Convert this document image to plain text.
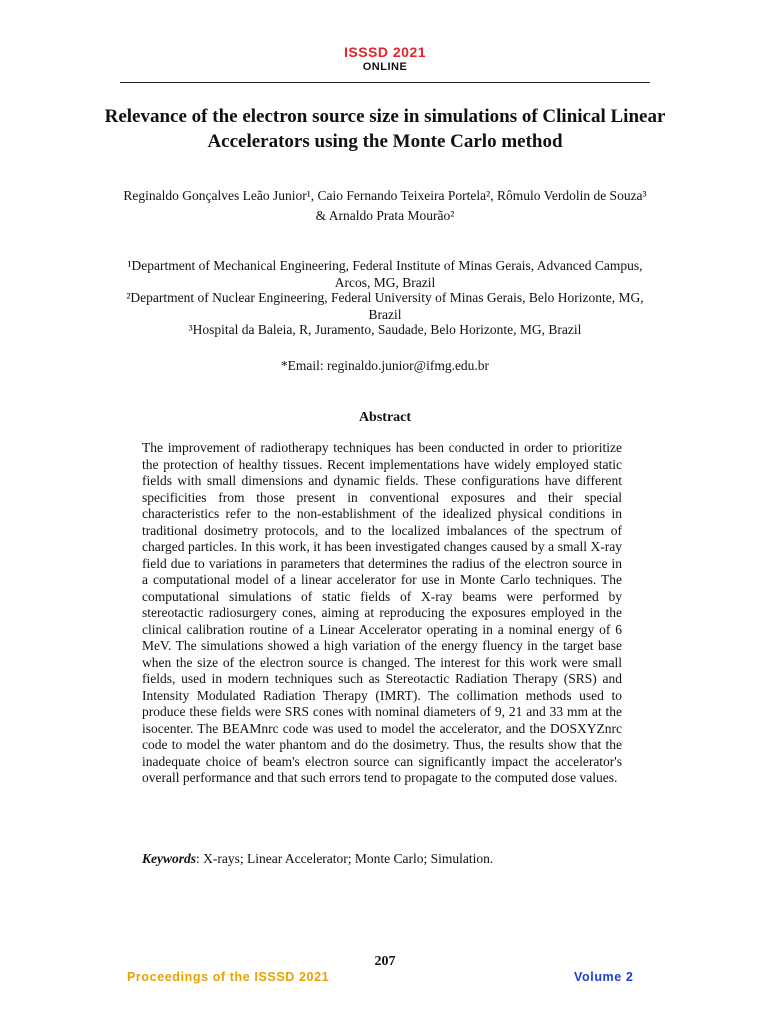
ISSSD 2021
ONLINE
Relevance of the electron source size in simulations of Clinical Linear Accelerators using the Monte Carlo method
Reginaldo Gonçalves Leão Junior¹, Caio Fernando Teixeira Portela², Rômulo Verdolin de Souza³ & Arnaldo Prata Mourão²
¹Department of Mechanical Engineering, Federal Institute of Minas Gerais, Advanced Campus, Arcos, MG, Brazil
²Department of Nuclear Engineering, Federal University of Minas Gerais, Belo Horizonte, MG, Brazil
³Hospital da Baleia, R, Juramento, Saudade, Belo Horizonte, MG, Brazil
*Email: reginaldo.junior@ifmg.edu.br
Abstract
The improvement of radiotherapy techniques has been conducted in order to prioritize the protection of healthy tissues. Recent implementations have widely employed static fields with small dimensions and dynamic fields. These configurations have different specificities from those present in conventional exposures and their special characteristics refer to the non-establishment of the idealized physical conditions in traditional dosimetry protocols, and to the localized imbalances of the spectrum of charged particles. In this work, it has been investigated changes caused by a small X-ray field due to variations in parameters that determines the radius of the electron source in a computational model of a linear accelerator for use in Monte Carlo techniques. The computational simulations of static fields of X-ray beams were performed by stereotactic radiosurgery cones, aiming at reproducing the exposures employed in the clinical calibration routine of a Linear Accelerator operating in a nominal energy of 6 MeV. The simulations showed a high variation of the energy fluency in the target base when the size of the electron source is changed. The interest for this work were small fields, used in modern techniques such as Stereotactic Radiation Therapy (SRS) and Intensity Modulated Radiation Therapy (IMRT). The collimation methods used to produce these fields were SRS cones with nominal diameters of 9, 21 and 33 mm at the isocenter. The BEAMnrc code was used to model the accelerator, and the DOSXYZnrc code to model the water phantom and do the dosimetry. Thus, the results show that the inadequate choice of beam's electron source can significantly impact the accelerator's overall performance and that such errors tend to propagate to the computed dose values.
Keywords: X-rays; Linear Accelerator; Monte Carlo; Simulation.
207
Proceedings of the ISSSD 2021	Volume 2
